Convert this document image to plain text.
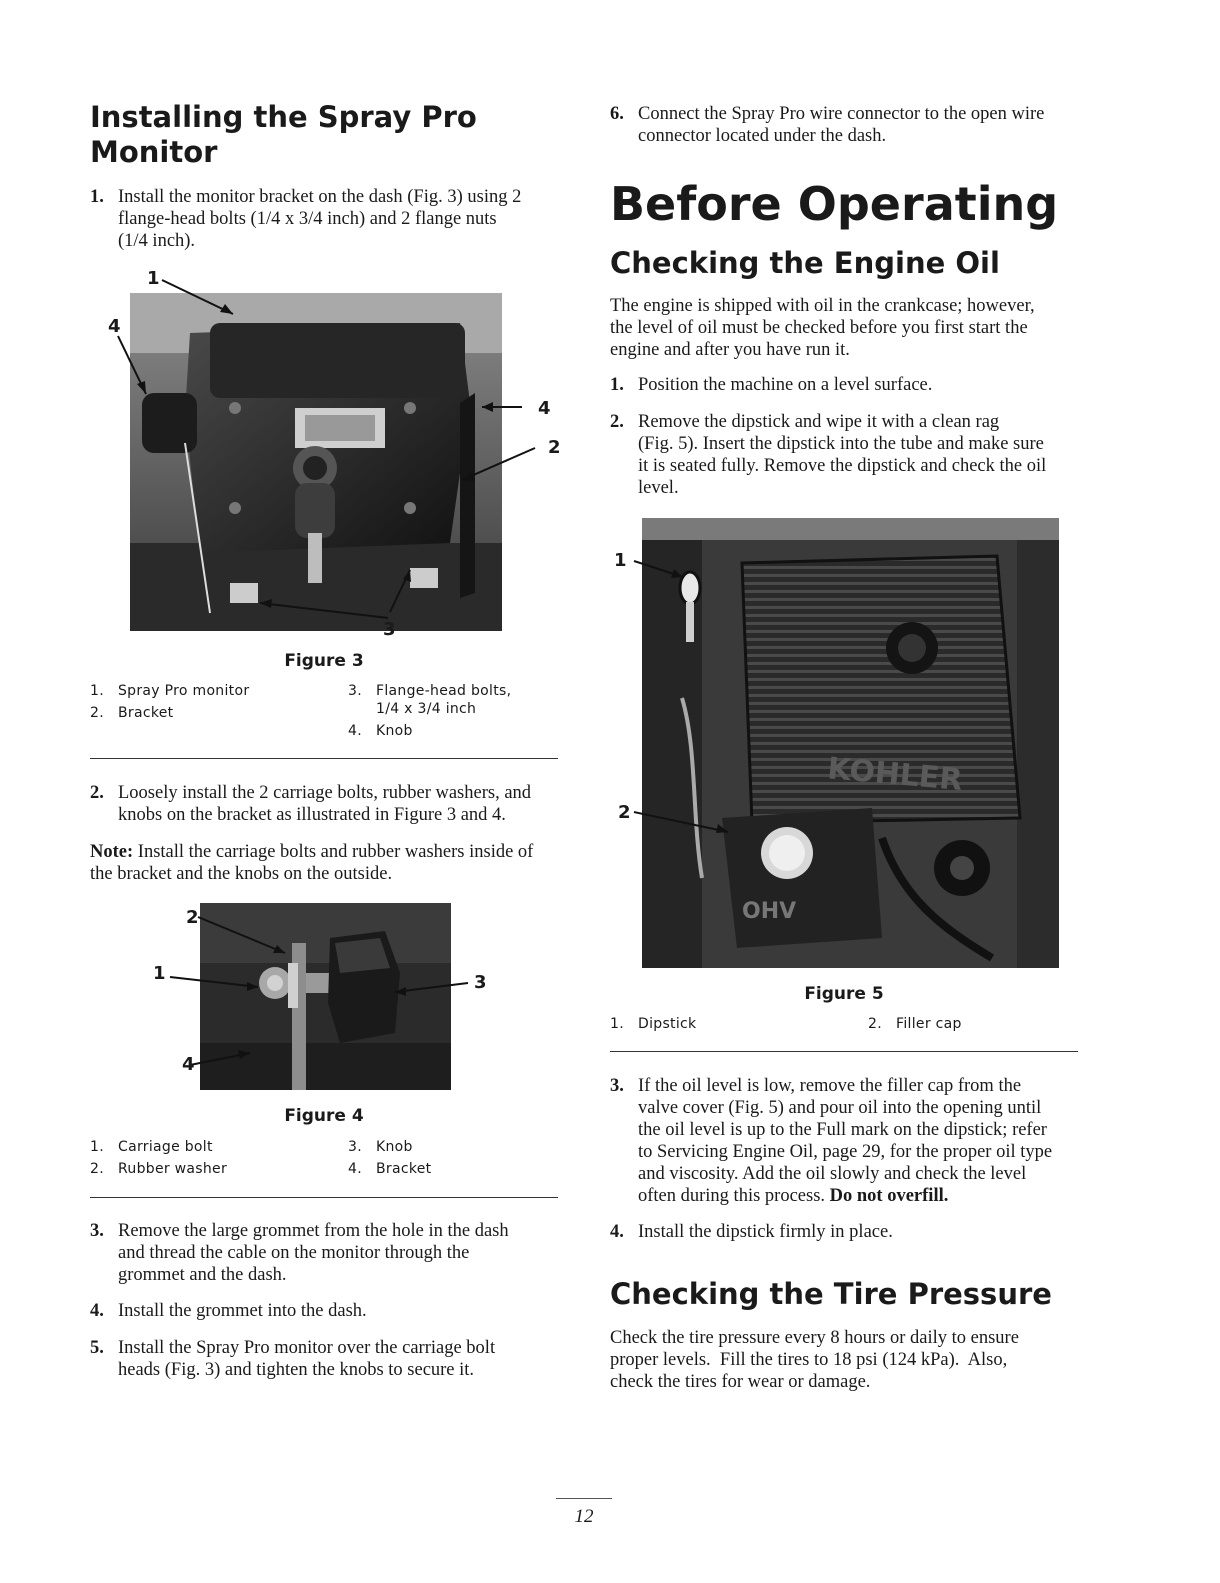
Installing the Spray Pro
Monitor
1. Install the monitor bracket on the dash (Fig. 3) using 2
flange-head bolts (1/4 x 3/4 inch) and 2 flange nuts
(1/4 inch).
1
4
4
2
3
Figure 3
1. Spray Pro monitor
2. Bracket
3. Flange-head bolts,
1/4 x 3/4 inch
4. Knob
2. Loosely install the 2 carriage bolts, rubber washers, and
knobs on the bracket as illustrated in Figure 3 and 4.
Note: Install the carriage bolts and rubber washers inside of
the bracket and the knobs on the outside.
2
1	3
4
Figure 4
1. Carriage bolt
2. Rubber washer
3. Knob
4. Bracket
3. Remove the large grommet from the hole in the dash
and thread the cable on the monitor through the
grommet and the dash.
4. Install the grommet into the dash.
5. Install the Spray Pro monitor over the carriage bolt
heads (Fig. 3) and tighten the knobs to secure it.
6. Connect the Spray Pro wire connector to the open wire
connector located under the dash.
Before Operating
Checking the Engine Oil
The engine is shipped with oil in the crankcase; however,
the level of oil must be checked before you first start the
engine and after you have run it.
1. Position the machine on a level surface.
2. Remove the dipstick and wipe it with a clean rag
(Fig. 5). Insert the dipstick into the tube and make sure
it is seated fully. Remove the dipstick and check the oil
level.
KOHLER
OHV
1
2
Figure 5
1. Dipstick	2. Filler cap
3. If the oil level is low, remove the filler cap from the
valve cover (Fig. 5) and pour oil into the opening until
the oil level is up to the Full mark on the dipstick; refer
to Servicing Engine Oil, page 29, for the proper oil type
and viscosity. Add the oil slowly and check the level
often during this process. Do not overfill.
4. Install the dipstick firmly in place.
Checking the Tire Pressure
Check the tire pressure every 8 hours or daily to ensure
proper levels.  Fill the tires to 18 psi (124 kPa).  Also,
check the tires for wear or damage.
12
